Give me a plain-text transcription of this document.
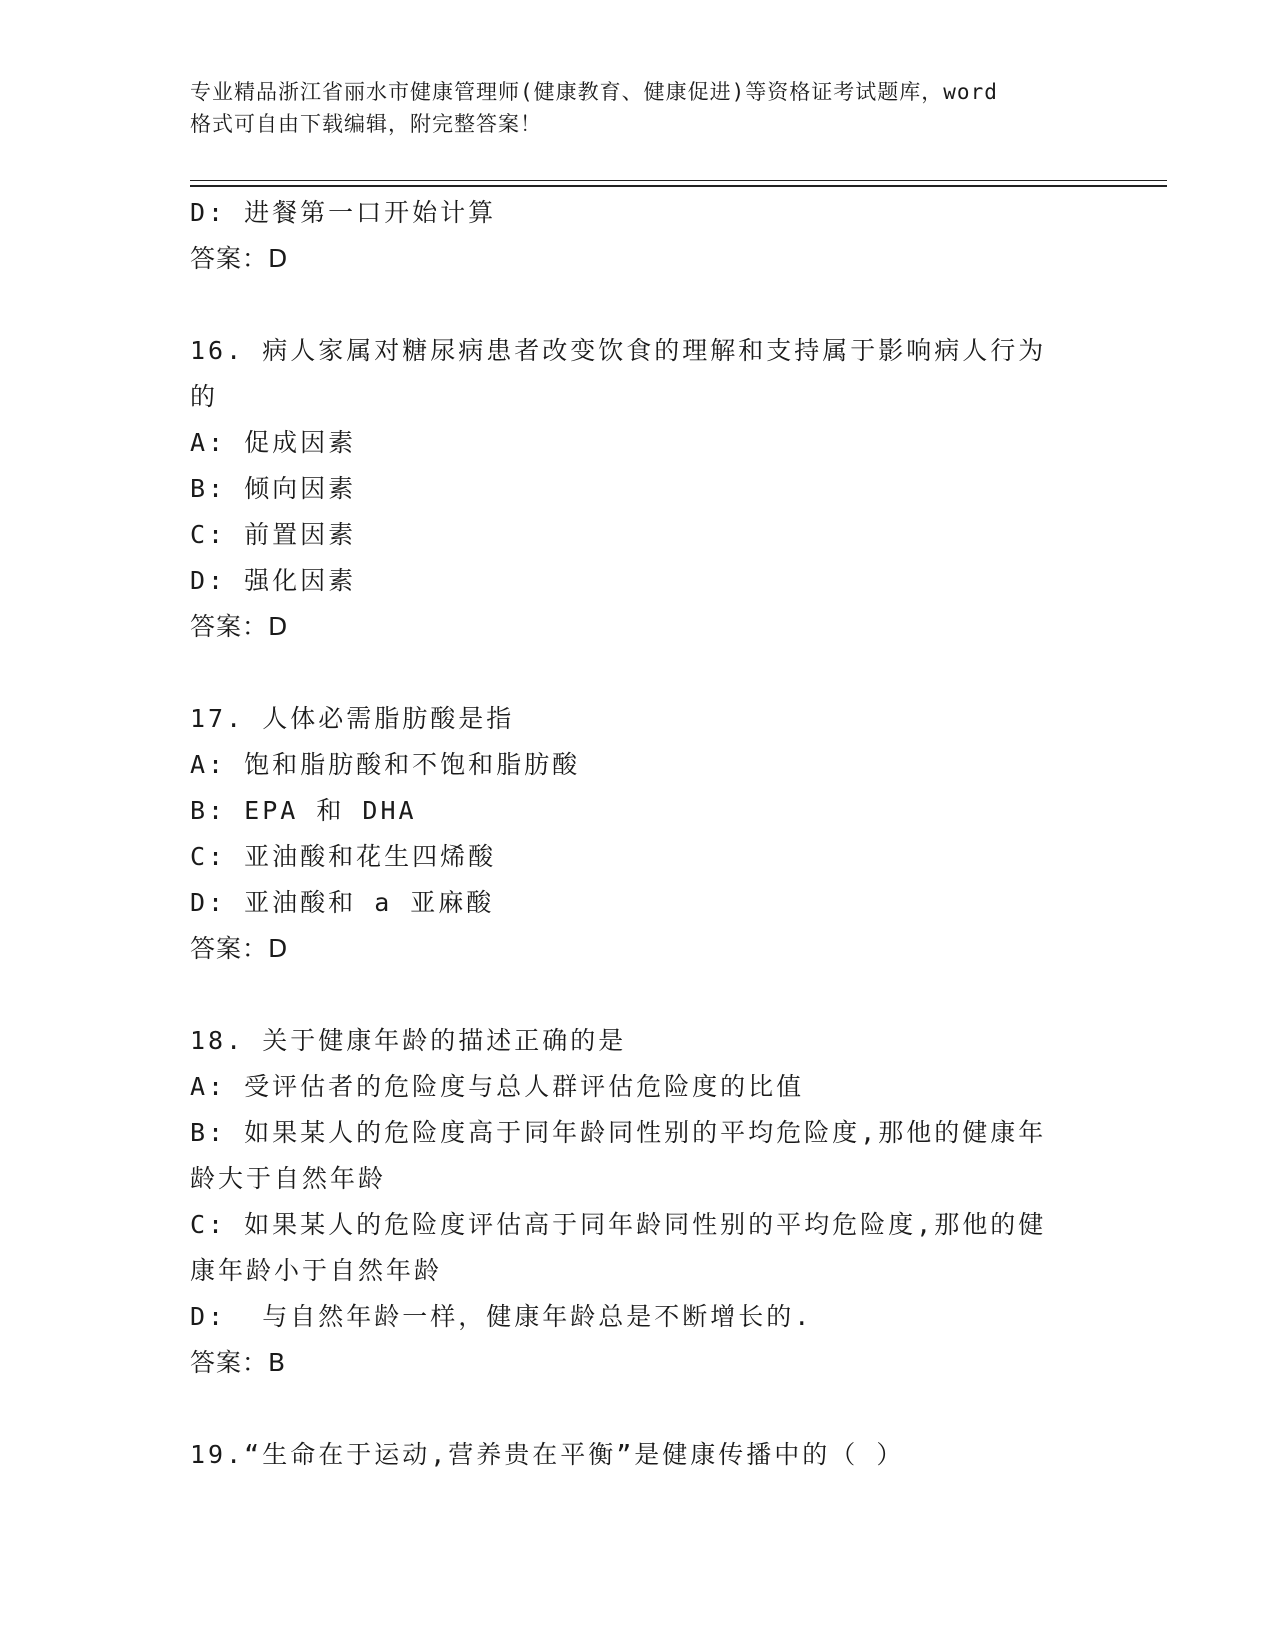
专业精品浙江省丽水市健康管理师(健康教育、健康促进)等资格证考试题库，word
格式可自由下载编辑，附完整答案！
D: 进餐第一口开始计算
答案：D
16. 病人家属对糖尿病患者改变饮食的理解和支持属于影响病人行为
的
A: 促成因素
B: 倾向因素
C: 前置因素
D: 强化因素
答案：D
17. 人体必需脂肪酸是指
A: 饱和脂肪酸和不饱和脂肪酸
B: EPA 和 DHA
C: 亚油酸和花生四烯酸
D: 亚油酸和 a 亚麻酸
答案：D
18. 关于健康年龄的描述正确的是
A: 受评估者的危险度与总人群评估危险度的比值
B: 如果某人的危险度高于同年龄同性别的平均危险度,那他的健康年
龄大于自然年龄
C: 如果某人的危险度评估高于同年龄同性别的平均危险度,那他的健
康年龄小于自然年龄
D:  与自然年龄一样，健康年龄总是不断增长的.
答案：B
19.“生命在于运动,营养贵在平衡”是健康传播中的（ ）
